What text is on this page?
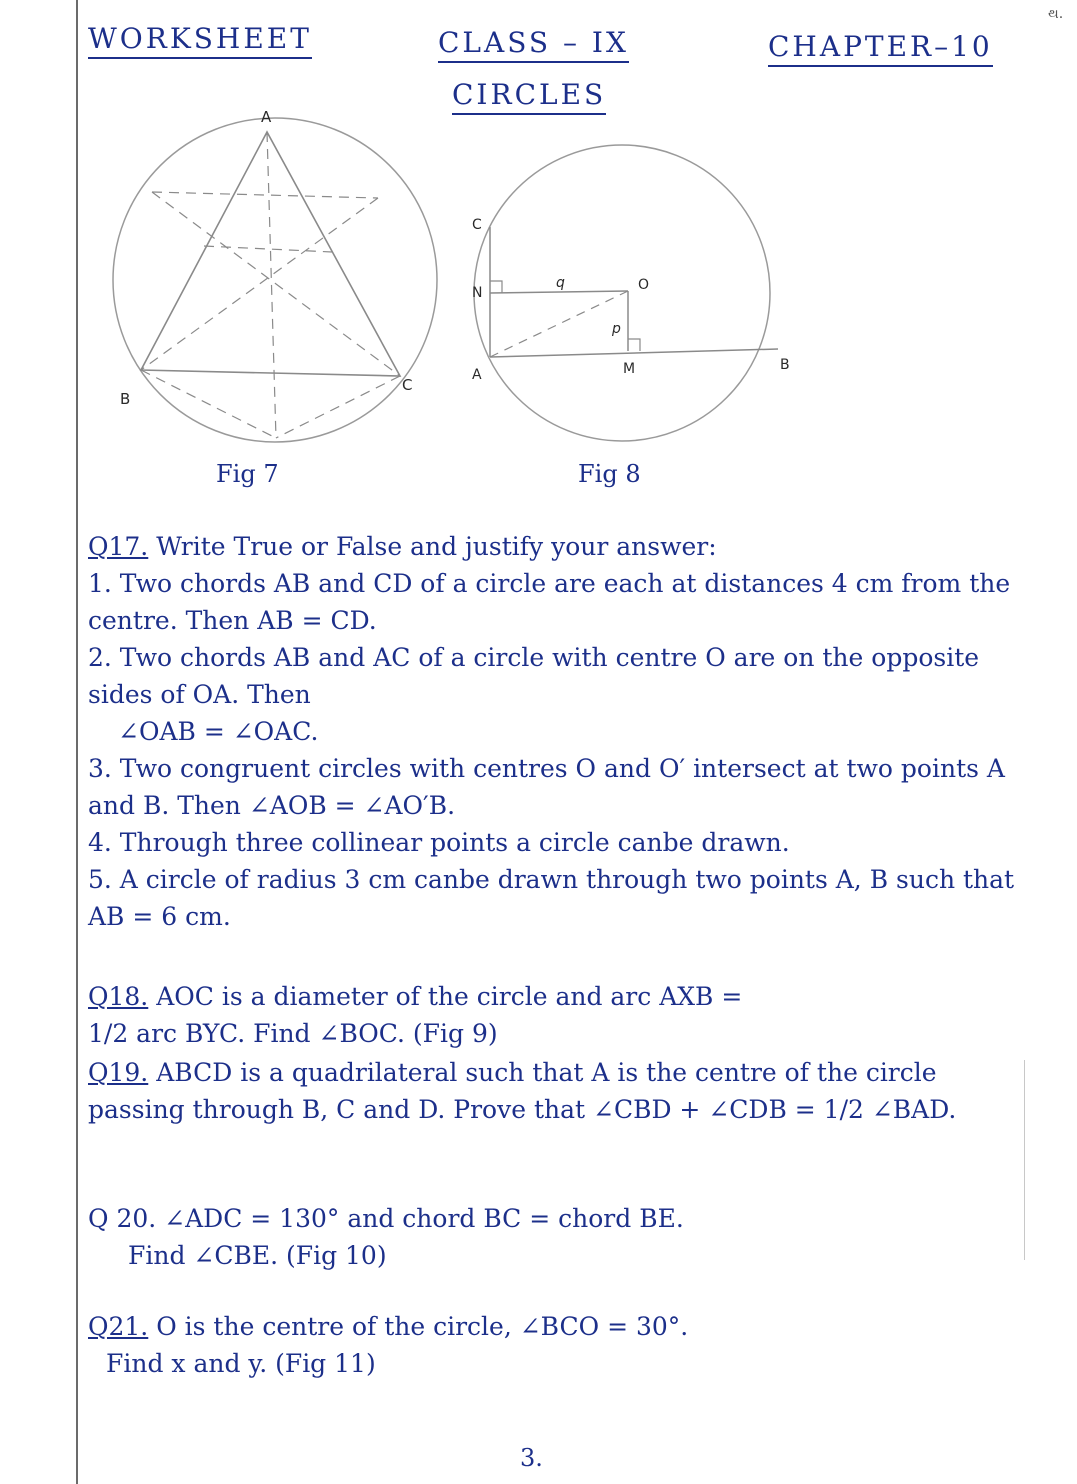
થ.
WORKSHEET	CLASS – IX	CHAPTER–10
CIRCLES
A
B
C
Fig 7
C
N
q	O
p
A	M	B
Fig 8

Q17. Write True or False and justify your answer:

1. Two chords AB and CD of a circle are each at distances 4 cm from the centre. Then AB = CD.

2. Two chords AB and AC of a circle with centre O are on the opposite sides of OA. Then

∠OAB = ∠OAC.

3. Two congruent circles with centres O and O′ intersect at two points A and B. Then ∠AOB = ∠AO′B.

4. Through three collinear points a circle canbe drawn.

5. A circle of radius 3 cm canbe drawn through two points A, B such that AB = 6 cm.

Q18. AOC is a diameter of the circle and arc AXB =

1/2 arc BYC. Find ∠BOC. (Fig 9)

Q19. ABCD is a quadrilateral such that A is the centre of the circle passing through B, C and D. Prove that ∠CBD + ∠CDB = 1/2 ∠BAD.

Q 20. ∠ADC = 130° and chord BC = chord BE.

Find ∠CBE. (Fig 10)

Q21. O is the centre of the circle, ∠BCO = 30°.

Find x and y. (Fig 11)

3.
